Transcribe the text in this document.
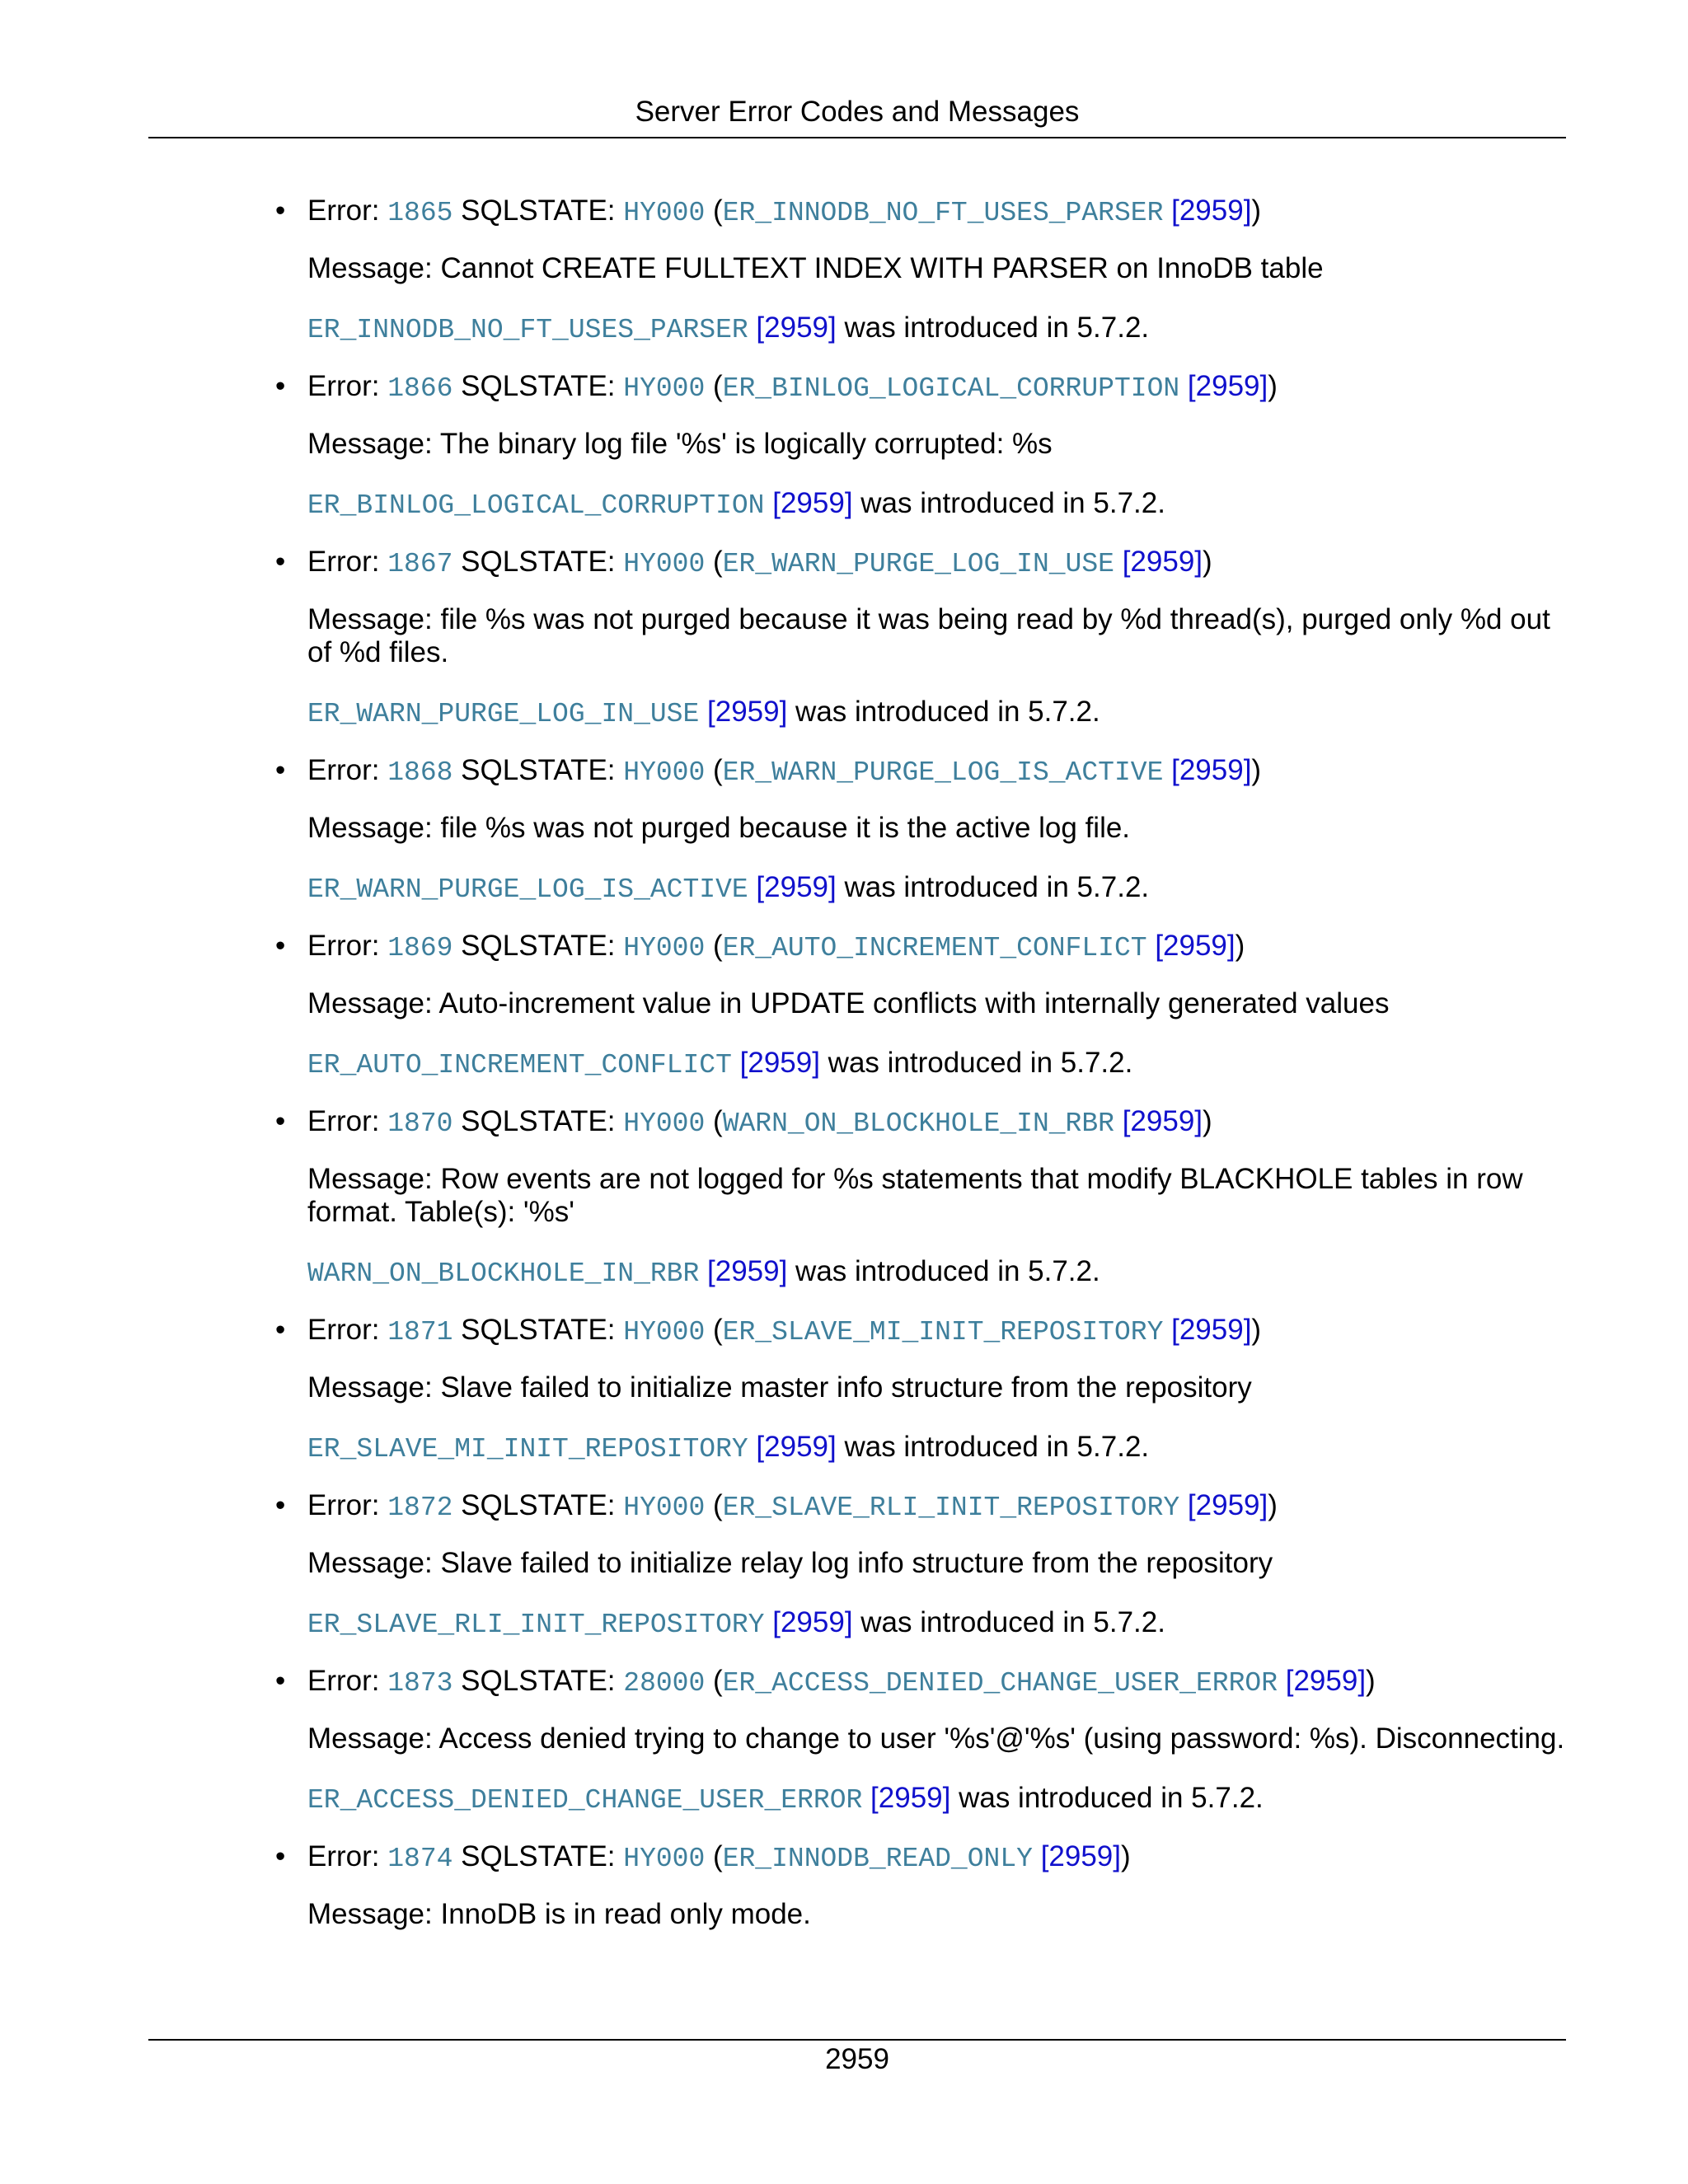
Server Error Codes and Messages
• Error: 1865 SQLSTATE: HY000 (ER_INNODB_NO_FT_USES_PARSER [2959])
Message: Cannot CREATE FULLTEXT INDEX WITH PARSER on InnoDB table
ER_INNODB_NO_FT_USES_PARSER [2959] was introduced in 5.7.2.
• Error: 1866 SQLSTATE: HY000 (ER_BINLOG_LOGICAL_CORRUPTION [2959])
Message: The binary log file '%s' is logically corrupted: %s
ER_BINLOG_LOGICAL_CORRUPTION [2959] was introduced in 5.7.2.
• Error: 1867 SQLSTATE: HY000 (ER_WARN_PURGE_LOG_IN_USE [2959])
Message: file %s was not purged because it was being read by %d thread(s), purged only %d out of %d files.
ER_WARN_PURGE_LOG_IN_USE [2959] was introduced in 5.7.2.
• Error: 1868 SQLSTATE: HY000 (ER_WARN_PURGE_LOG_IS_ACTIVE [2959])
Message: file %s was not purged because it is the active log file.
ER_WARN_PURGE_LOG_IS_ACTIVE [2959] was introduced in 5.7.2.
• Error: 1869 SQLSTATE: HY000 (ER_AUTO_INCREMENT_CONFLICT [2959])
Message: Auto-increment value in UPDATE conflicts with internally generated values
ER_AUTO_INCREMENT_CONFLICT [2959] was introduced in 5.7.2.
• Error: 1870 SQLSTATE: HY000 (WARN_ON_BLOCKHOLE_IN_RBR [2959])
Message: Row events are not logged for %s statements that modify BLACKHOLE tables in row format. Table(s): '%s'
WARN_ON_BLOCKHOLE_IN_RBR [2959] was introduced in 5.7.2.
• Error: 1871 SQLSTATE: HY000 (ER_SLAVE_MI_INIT_REPOSITORY [2959])
Message: Slave failed to initialize master info structure from the repository
ER_SLAVE_MI_INIT_REPOSITORY [2959] was introduced in 5.7.2.
• Error: 1872 SQLSTATE: HY000 (ER_SLAVE_RLI_INIT_REPOSITORY [2959])
Message: Slave failed to initialize relay log info structure from the repository
ER_SLAVE_RLI_INIT_REPOSITORY [2959] was introduced in 5.7.2.
• Error: 1873 SQLSTATE: 28000 (ER_ACCESS_DENIED_CHANGE_USER_ERROR [2959])
Message: Access denied trying to change to user '%s'@'%s' (using password: %s). Disconnecting.
ER_ACCESS_DENIED_CHANGE_USER_ERROR [2959] was introduced in 5.7.2.
• Error: 1874 SQLSTATE: HY000 (ER_INNODB_READ_ONLY [2959])
Message: InnoDB is in read only mode.
2959
